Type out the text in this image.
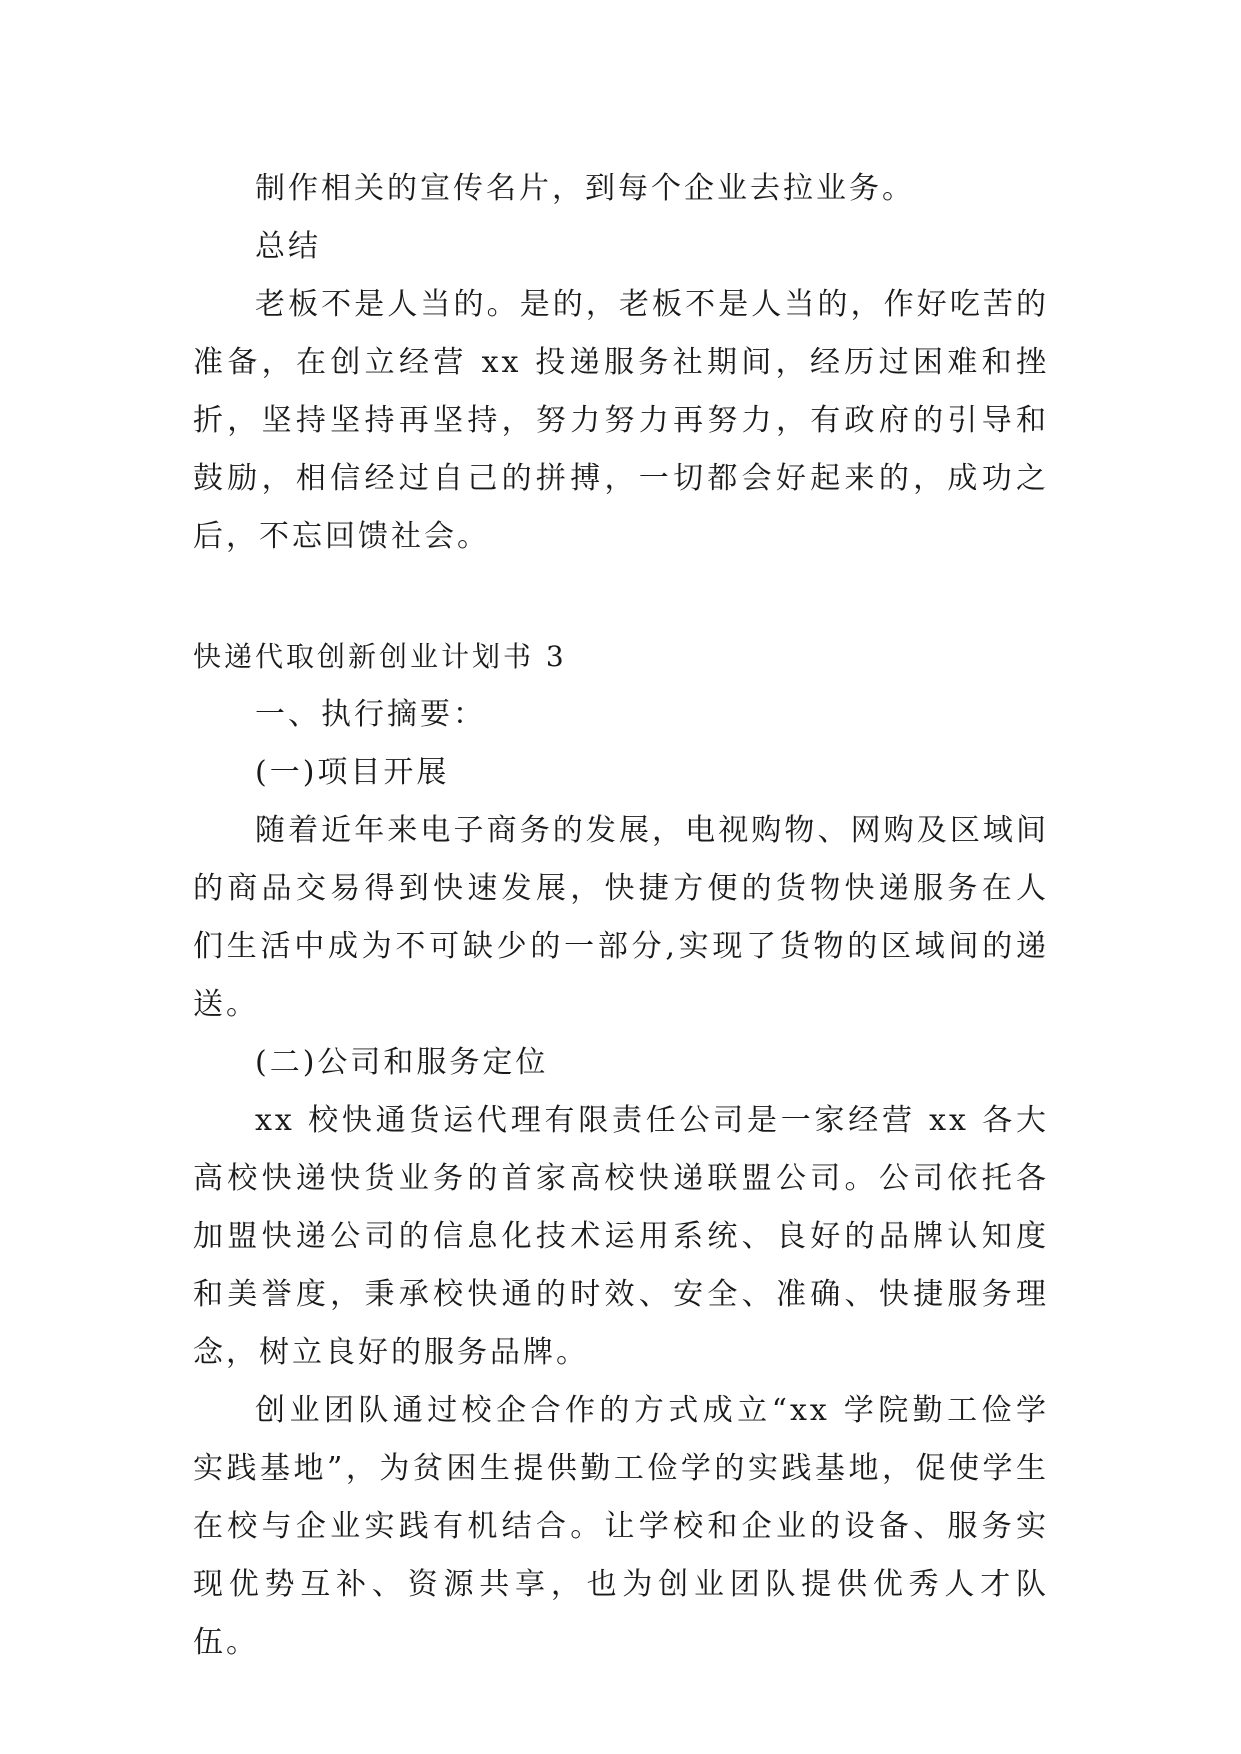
制作相关的宣传名片，到每个企业去拉业务。

总结

老板不是人当的。是的，老板不是人当的，作好吃苦的准备，在创立经营 xx 投递服务社期间，经历过困难和挫折，坚持坚持再坚持，努力努力再努力，有政府的引导和鼓励，相信经过自己的拼搏，一切都会好起来的，成功之后，不忘回馈社会。

快递代取创新创业计划书 3

一、执行摘要：

(一)项目开展

随着近年来电子商务的发展，电视购物、网购及区域间的商品交易得到快速发展，快捷方便的货物快递服务在人们生活中成为不可缺少的一部分,实现了货物的区域间的递送。

(二)公司和服务定位

xx 校快通货运代理有限责任公司是一家经营 xx 各大高校快递快货业务的首家高校快递联盟公司。公司依托各加盟快递公司的信息化技术运用系统、良好的品牌认知度和美誉度，秉承校快通的时效、安全、准确、快捷服务理念，树立良好的服务品牌。

创业团队通过校企合作的方式成立“xx 学院勤工俭学实践基地”，为贫困生提供勤工俭学的实践基地，促使学生在校与企业实践有机结合。让学校和企业的设备、服务实现优势互补、资源共享，也为创业团队提供优秀人才队伍。
